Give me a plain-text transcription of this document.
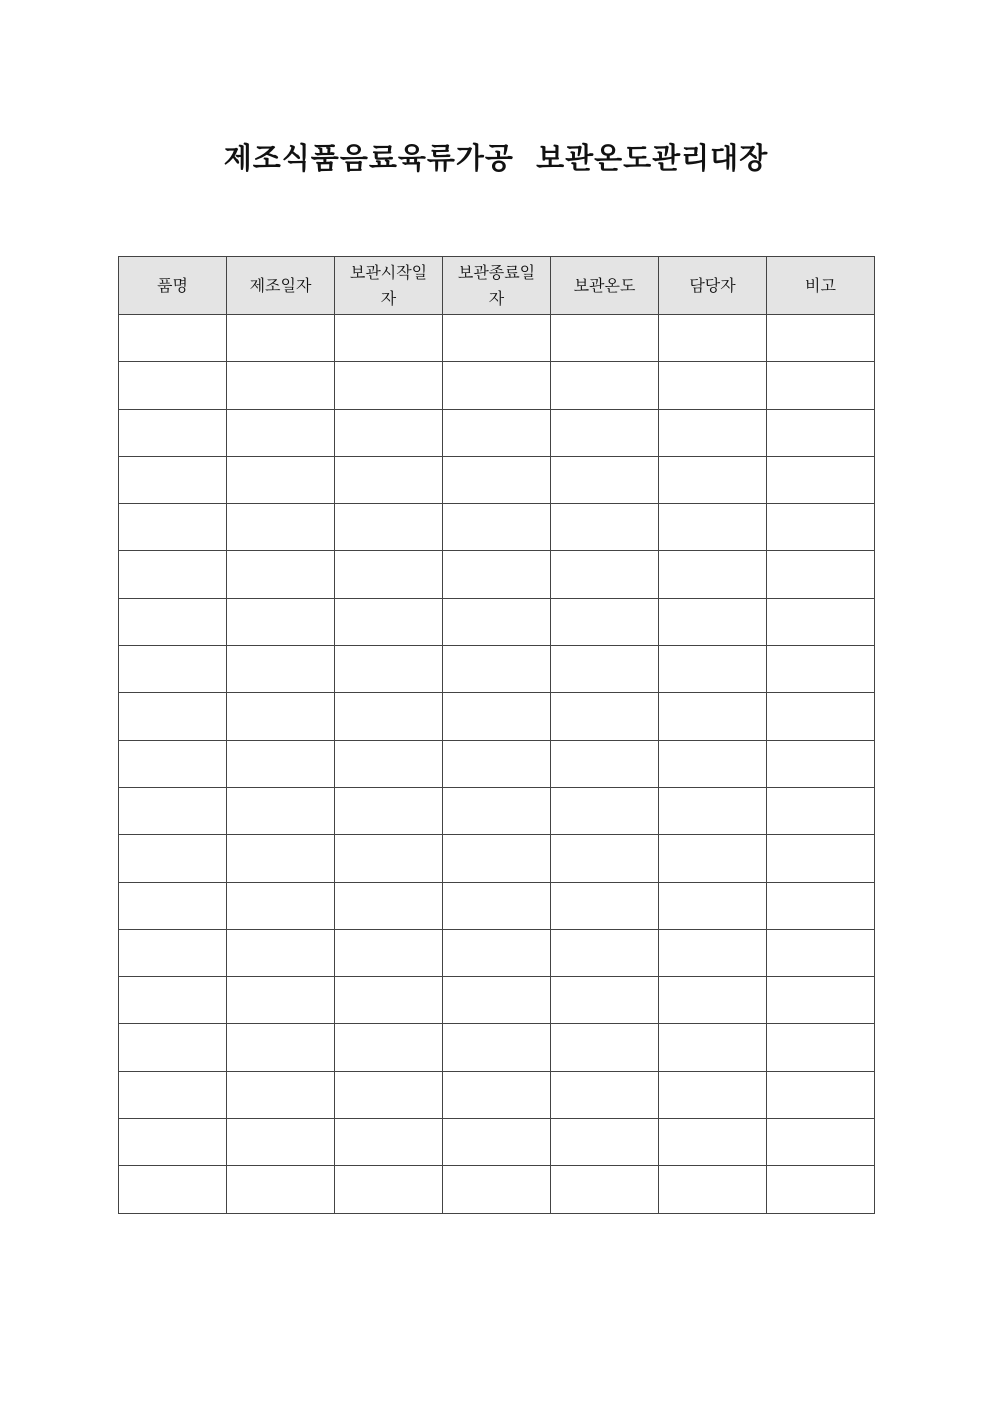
제조식품음료육류가공  보관온도관리대장
품명	제조일자	보관시작일자	보관종료일자	보관온도	담당자	비고
